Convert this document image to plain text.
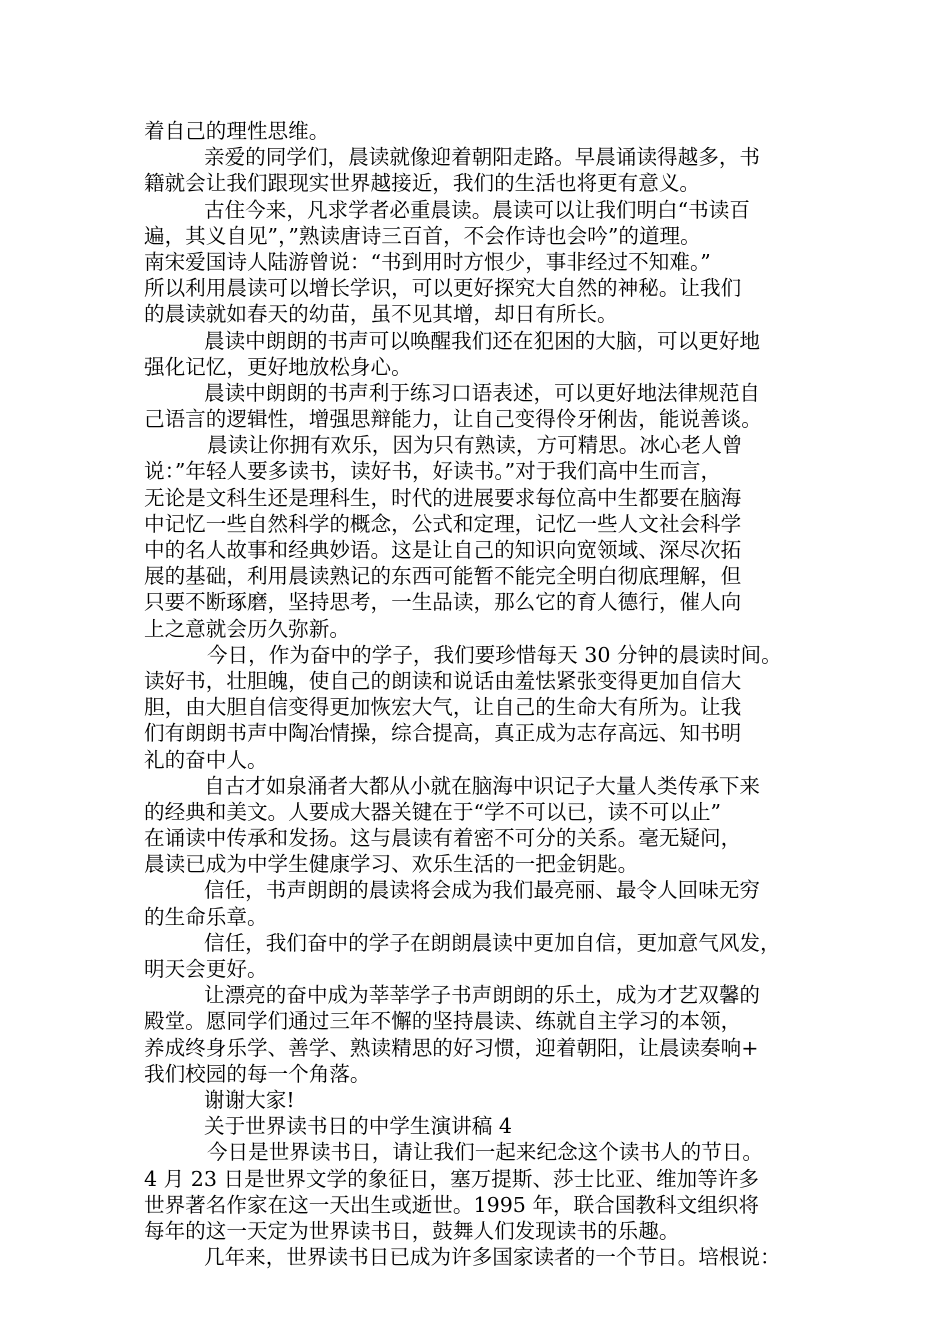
着自己的理性思维。
亲爱的同学们，晨读就像迎着朝阳走路。早晨诵读得越多，书
籍就会让我们跟现实世界越接近，我们的生活也将更有意义。
古住今来，凡求学者必重晨读。晨读可以让我们明白“书读百
遍，其义自见”，”熟读唐诗三百首，不会作诗也会吟”的道理。
南宋爱国诗人陆游曾说：“书到用时方恨少，事非经过不知难。”
所以利用晨读可以增长学识，可以更好探究大自然的神秘。让我们
的晨读就如春天的幼苗，虽不见其增，却日有所长。
晨读中朗朗的书声可以唤醒我们还在犯困的大脑，可以更好地
强化记忆，更好地放松身心。
晨读中朗朗的书声利于练习口语表述，可以更好地法律规范自
己语言的逻辑性，增强思辩能力，让自己变得伶牙俐齿，能说善谈。
晨读让你拥有欢乐，因为只有熟读，方可精思。冰心老人曾
说：”年轻人要多读书，读好书，好读书。”对于我们高中生而言，
无论是文科生还是理科生，时代的进展要求每位高中生都要在脑海
中记忆一些自然科学的概念，公式和定理，记忆一些人文社会科学
中的名人故事和经典妙语。这是让自己的知识向宽领域、深尽次拓
展的基础，利用晨读熟记的东西可能暂不能完全明白彻底理解，但
只要不断琢磨，坚持思考，一生品读，那么它的育人德行，催人向
上之意就会历久弥新。
今日，作为奋中的学子，我们要珍惜每天 30 分钟的晨读时间。
读好书，壮胆魄，使自己的朗读和说话由羞怯紧张变得更加自信大
胆，由大胆自信变得更加恢宏大气，让自己的生命大有所为。让我
们有朗朗书声中陶冶情操，综合提高，真正成为志存高远、知书明
礼的奋中人。
自古才如泉涌者大都从小就在脑海中识记子大量人类传承下来
的经典和美文。人要成大器关键在于“学不可以已，读不可以止”
在诵读中传承和发扬。这与晨读有着密不可分的关系。毫无疑问，
晨读已成为中学生健康学习、欢乐生活的一把金钥匙。
信任，书声朗朗的晨读将会成为我们最亮丽、最令人回味无穷
的生命乐章。
信任，我们奋中的学子在朗朗晨读中更加自信，更加意气风发，
明天会更好。
让漂亮的奋中成为莘莘学子书声朗朗的乐土，成为才艺双馨的
殿堂。愿同学们通过三年不懈的坚持晨读、练就自主学习的本领，
养成终身乐学、善学、熟读精思的好习惯，迎着朝阳，让晨读奏响+
我们校园的每一个角落。
谢谢大家!
关于世界读书日的中学生演讲稿 4
今日是世界读书日，请让我们一起来纪念这个读书人的节日。
4 月 23 日是世界文学的象征日，塞万提斯、莎士比亚、维加等许多
世界著名作家在这一天出生或逝世。1995 年，联合国教科文组织将
每年的这一天定为世界读书日，鼓舞人们发现读书的乐趣。
几年来，世界读书日已成为许多国家读者的一个节日。培根说：
